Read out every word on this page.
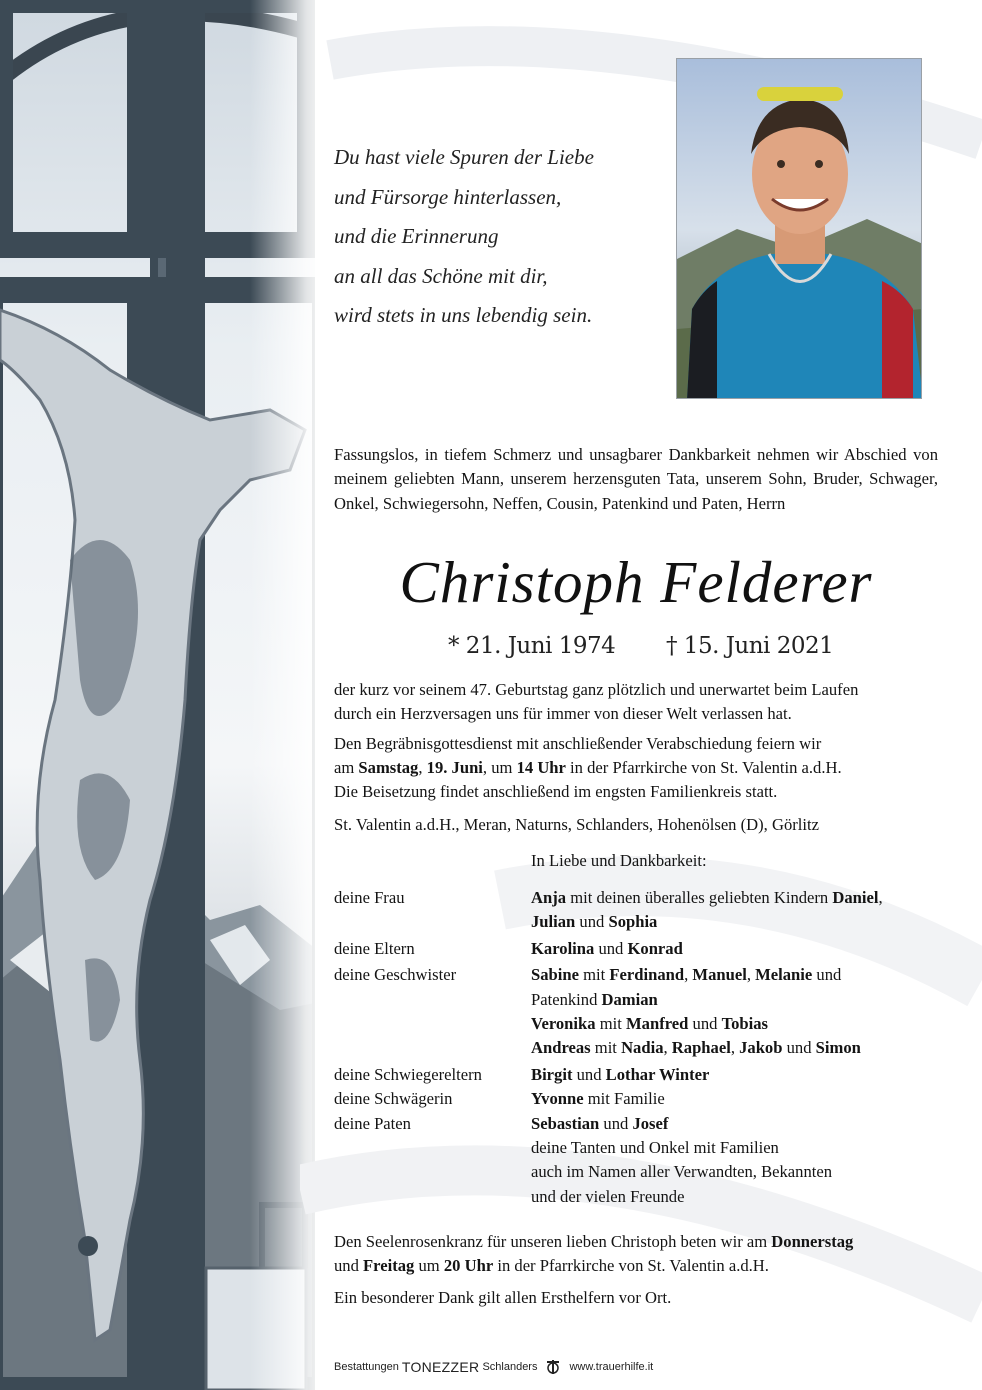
Du hast viele Spuren der Liebe
und Fürsorge hinterlassen,
und die Erinnerung
an all das Schöne mit dir,
wird stets in uns lebendig sein.
Fassungslos, in tiefem Schmerz und unsagbarer Dankbarkeit nehmen wir Abschied von meinem geliebten Mann, unserem herzensguten Tata, unserem Sohn, Bruder, Schwager, Onkel, Schwiegersohn, Neffen, Cousin, Patenkind und Paten, Herrn
Christoph Felderer
* 21. Juni 1974 † 15. Juni 2021
der kurz vor seinem 47. Geburtstag ganz plötzlich und unerwartet beim Laufen
durch ein Herzversagen uns für immer von dieser Welt verlassen hat.
Den Begräbnisgottesdienst mit anschließender Verabschiedung feiern wir
am Samstag, 19. Juni, um 14 Uhr in der Pfarrkirche von St. Valentin a.d.H.
Die Beisetzung findet anschließend im engsten Familienkreis statt.
St. Valentin a.d.H., Meran, Naturns, Schlanders, Hohenölsen (D), Görlitz
In Liebe und Dankbarkeit:
deine Frau	Anja mit deinen überalles geliebten Kindern Daniel,
Julian und Sophia
deine Eltern	Karolina und Konrad
deine Geschwister	Sabine mit Ferdinand, Manuel, Melanie und
Patenkind Damian
Veronika mit Manfred und Tobias
Andreas mit Nadia, Raphael, Jakob und Simon
deine Schwiegereltern	Birgit und Lothar Winter
deine Schwägerin	Yvonne mit Familie
deine Paten	Sebastian und Josef
deine Tanten und Onkel mit Familien
auch im Namen aller Verwandten, Bekannten
und der vielen Freunde
Den Seelenrosenkranz für unseren lieben Christoph beten wir am Donnerstag
und Freitag um 20 Uhr in der Pfarrkirche von St. Valentin a.d.H.
Ein besonderer Dank gilt allen Ersthelfern vor Ort.
Bestattungen TONEZZER Schlanders	www.trauerhilfe.it
